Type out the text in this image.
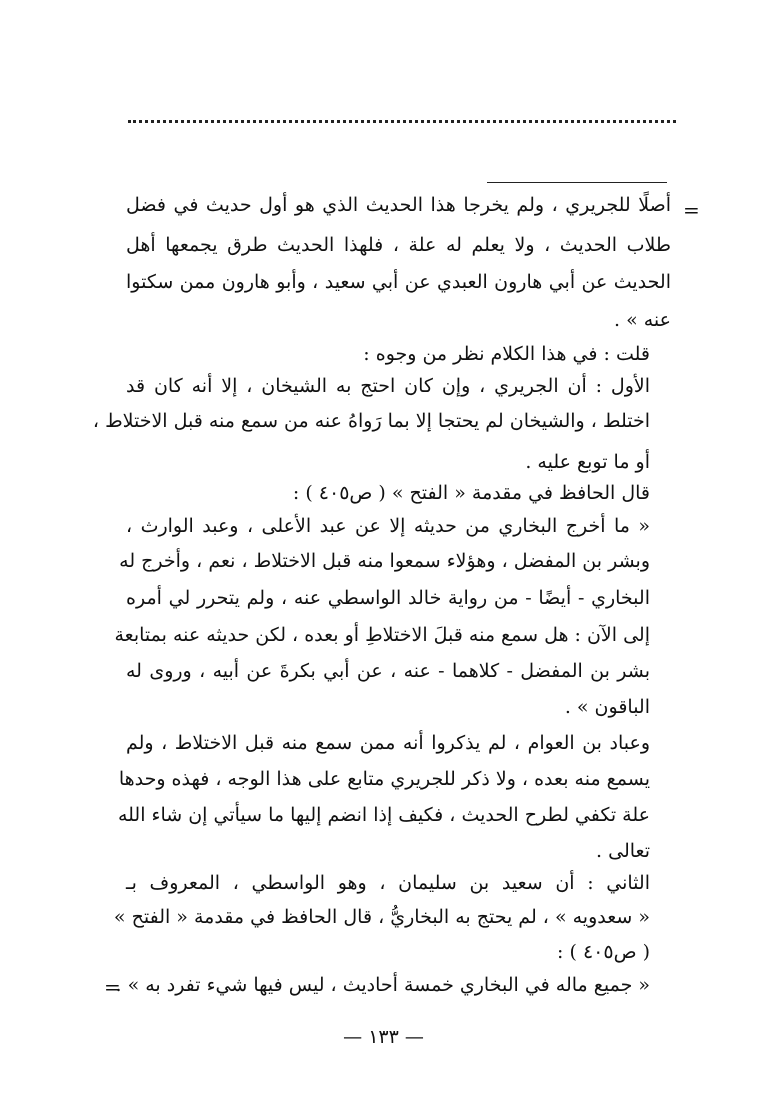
=
أصلًا للجريري ، ولم يخرجا هذا الحديث الذي هو أول حديث في فضل
طلاب الحديث ، ولا يعلم له علة ، فلهذا الحديث طرق يجمعها أهل
الحديث عن أبي هارون العبدي عن أبي سعيد ، وأبو هارون ممن سكتوا
عنه » .
قلت : في هذا الكلام نظر من وجوه :
الأول : أن الجريري ، وإن كان احتج به الشيخان ، إلا أنه كان قد
اختلط ، والشيخان لم يحتجا إلا بما رَواهُ عنه من سمع منه قبل الاختلاط ،
أو ما توبع عليه .
قال الحافظ في مقدمة « الفتح » ( ص٤٠٥ ) :
« ما أخرج البخاري من حديثه إلا عن عبد الأعلى ، وعبد الوارث ،
وبشر بن المفضل ، وهؤلاء سمعوا منه قبل الاختلاط ، نعم ، وأخرج له
البخاري - أيضًا - من رواية خالد الواسطي عنه ، ولم يتحرر لي أمره
إلى الآن : هل سمع منه قبلَ الاختلاطِ أو بعده ، لكن حديثه عنه بمتابعة
بشر بن المفضل - كلاهما - عنه ، عن أبي بكرةَ عن أبيه ، وروى له
الباقون » .
وعباد بن العوام ، لم يذكروا أنه ممن سمع منه قبل الاختلاط ، ولم
يسمع منه بعده ، ولا ذكر للجريري متابع على هذا الوجه ، فهذه وحدها
علة تكفي لطرح الحديث ، فكيف إذا انضم إليها ما سيأتي إن شاء الله
تعالى .
الثاني : أن سعيد بن سليمان ، وهو الواسطي ، المعروف بـ
« سعدويه » ، لم يحتج به البخاريُّ ، قال الحافظ في مقدمة « الفتح »
( ص٤٠٥ ) :
« جميع ماله في البخاري خمسة أحاديث ، ليس فيها شيء تفرد به » .
=
— ١٣٣ —
